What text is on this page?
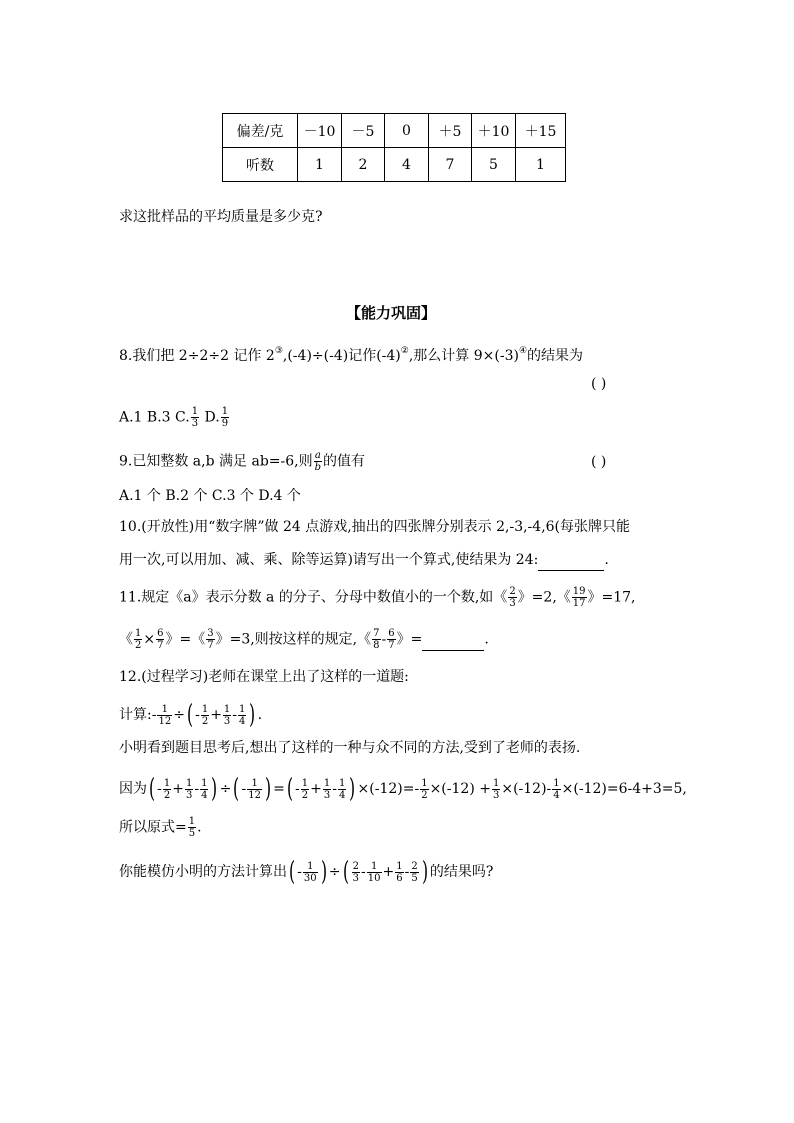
偏差/克	－10	－5	0	＋5	＋10	＋15
听数	1	2	4	7	5	1
求这批样品的平均质量是多少克?
【能力巩固】
8.我们把 2÷2÷2 记作 2③,(-4)÷(-4)记作(-4)②,那么计算 9×(-3)④的结果为
( )
A.1 B.3 C. $\frac{1}{3} D$. $\frac{1}{9}$
9.已知整数 a,b 满足 ab=-6,则 $\frac{a}{b}$ 的值有	( )
A.1 个 B.2 个 C.3 个 D.4 个
10.(开放性)用“数字牌”做 24 点游戏,抽出的四张牌分别表示 2,-3,-4,6(每张牌只能
用一次,可以用加、减、乘、除等运算)请写出一个算式,使结果为 24:	.
11.规定《a》表示分数 a 的分子、分母中数值小的一个数,如《 $\frac{2}{3}$ 》=2,《 $\frac{19}{17}$ 》=17,
《 $\frac{1}{2} \times \frac{6}{7}$ 》=《 $\frac{3}{7}$ 》=3,则按这样的规定,《 $\frac{7}{8} - \frac{6}{7}$ 》=	.
12.(过程学习)老师在课堂上出了这样的一道题:
计算:- $\frac{1}{12}$ ÷( - $\frac{1}{2} + \frac{1}{3} - \frac{1}{4}$ ) .
小明看到题目思考后,想出了这样的一种与众不同的方法,受到了老师的表扬.
因为( - $\frac{1}{2} + \frac{1}{3} - \frac{1}{4}$ ) ÷( - $\frac{1}{12}$ ) =( - $\frac{1}{2} + \frac{1}{3} - \frac{1}{4}$ ) $\times(-12)=- \frac{1}{2} \times(-12) + \frac{1}{3} \times(-12)- \frac{1}{4} \times(-12)=6-4+3=5$,
所以原式= $\frac{1}{5}$ .
你能模仿小明的方法计算出( - $\frac{1}{30}$ ) ÷( $\frac{2}{3} - \frac{1}{10} + \frac{1}{6} - \frac{2}{5}$ ) 的结果吗?
